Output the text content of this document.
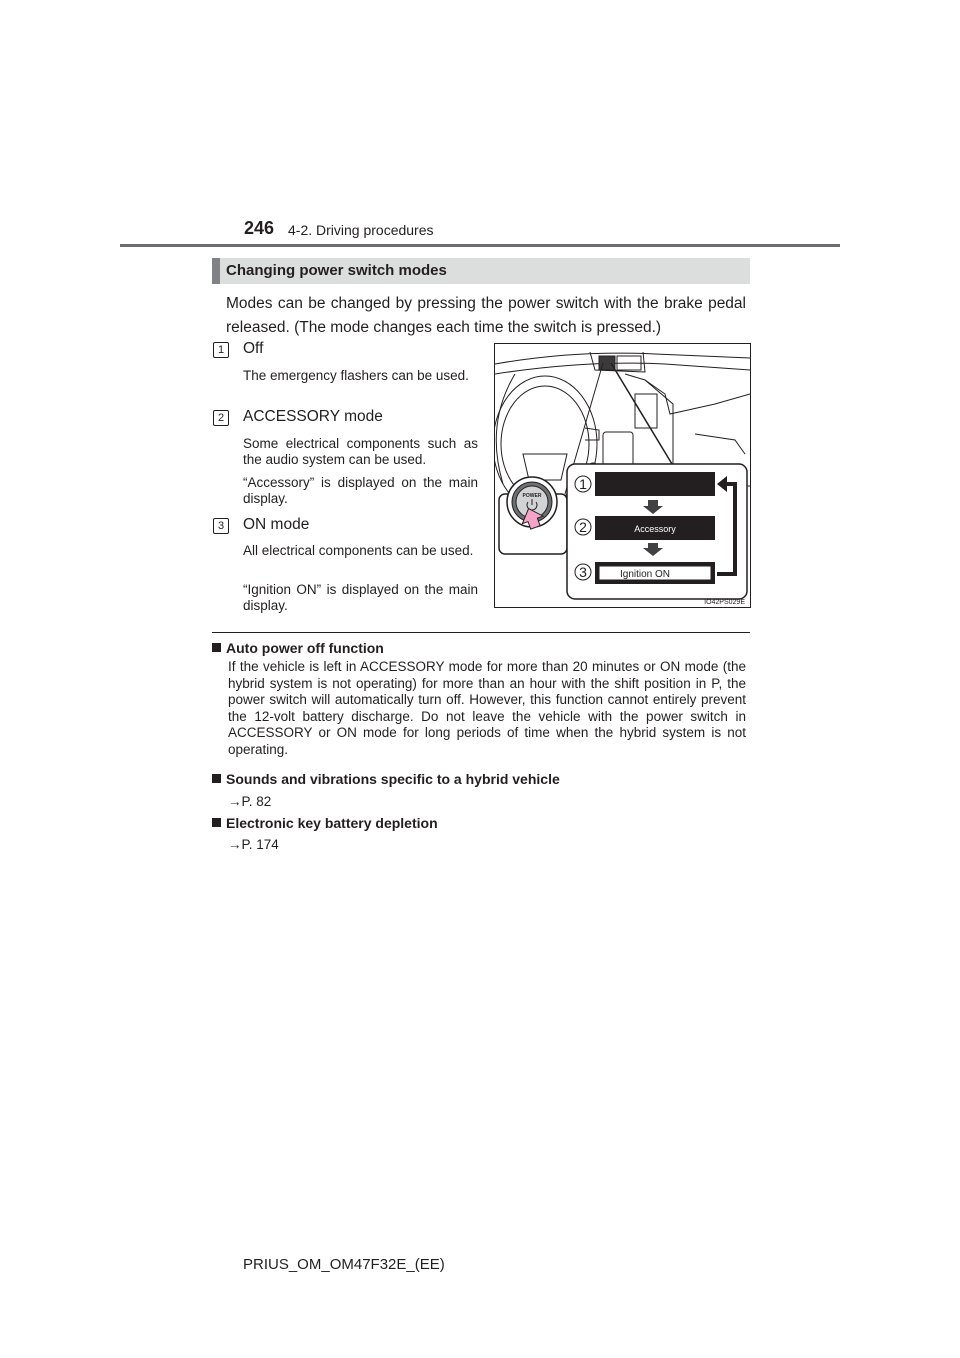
246 4-2. Driving procedures
Changing power switch modes
Modes can be changed by pressing the power switch with the brake pedal released. (The mode changes each time the switch is pressed.)
1	Off
The emergency flashers can be used.
2	ACCESSORY mode
Some electrical components such as the audio system can be used.
“Accessory” is displayed on the main display.
3	ON mode
All electrical components can be used.
“Ignition ON” is displayed on the main display.
POWER
1
2	Accessory
3	Ignition ON
IO42PS029E
Auto power off function
If the vehicle is left in ACCESSORY mode for more than 20 minutes or ON mode (the hybrid system is not operating) for more than an hour with the shift position in P, the power switch will automatically turn off. However, this function cannot entirely prevent the 12-volt battery discharge. Do not leave the vehicle with the power switch in ACCESSORY or ON mode for long periods of time when the hybrid system is not operating.
Sounds and vibrations specific to a hybrid vehicle
→P. 82
Electronic key battery depletion
→P. 174
PRIUS_OM_OM47F32E_(EE)
